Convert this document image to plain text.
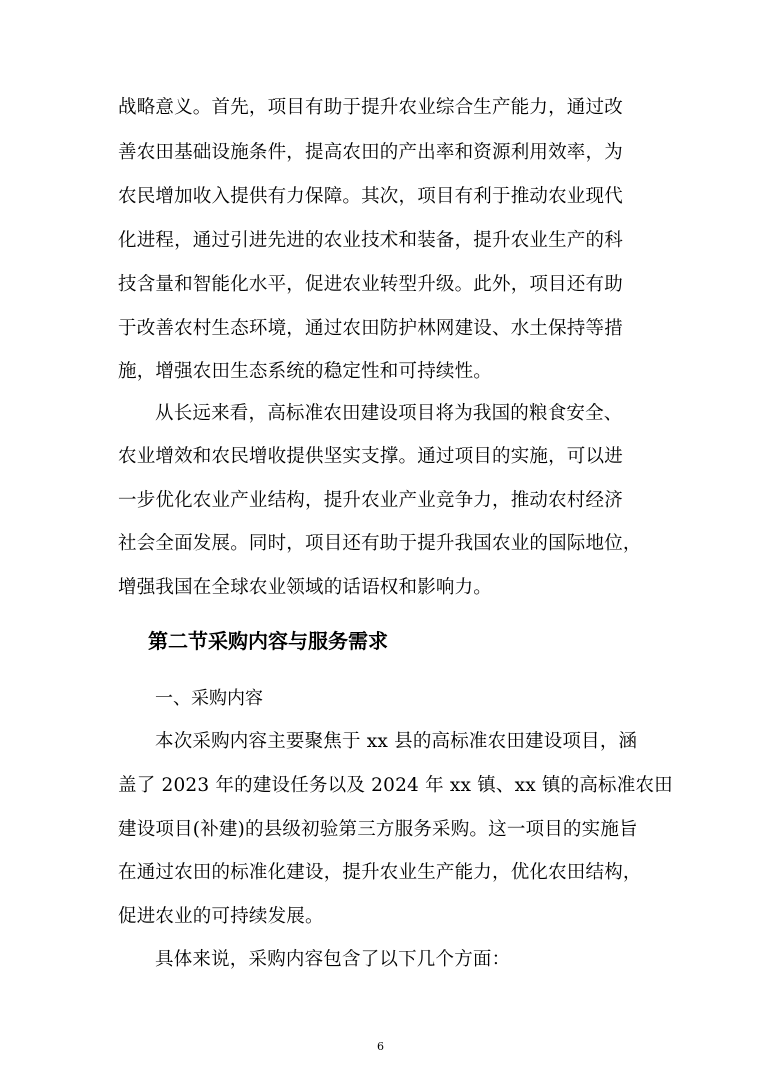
战略意义。首先，项目有助于提升农业综合生产能力，通过改
善农田基础设施条件，提高农田的产出率和资源利用效率，为
农民增加收入提供有力保障。其次，项目有利于推动农业现代
化进程，通过引进先进的农业技术和装备，提升农业生产的科
技含量和智能化水平，促进农业转型升级。此外，项目还有助
于改善农村生态环境，通过农田防护林网建设、水土保持等措
施，增强农田生态系统的稳定性和可持续性。
从长远来看，高标准农田建设项目将为我国的粮食安全、
农业增效和农民增收提供坚实支撑。通过项目的实施，可以进
一步优化农业产业结构，提升农业产业竞争力，推动农村经济
社会全面发展。同时，项目还有助于提升我国农业的国际地位，
增强我国在全球农业领域的话语权和影响力。
第二节采购内容与服务需求
一、采购内容
本次采购内容主要聚焦于 xx 县的高标准农田建设项目，涵
盖了 2023 年的建设任务以及 2024 年 xx 镇、xx 镇的高标准农田
建设项目(补建)的县级初验第三方服务采购。这一项目的实施旨
在通过农田的标准化建设，提升农业生产能力，优化农田结构，
促进农业的可持续发展。
具体来说，采购内容包含了以下几个方面：
6
